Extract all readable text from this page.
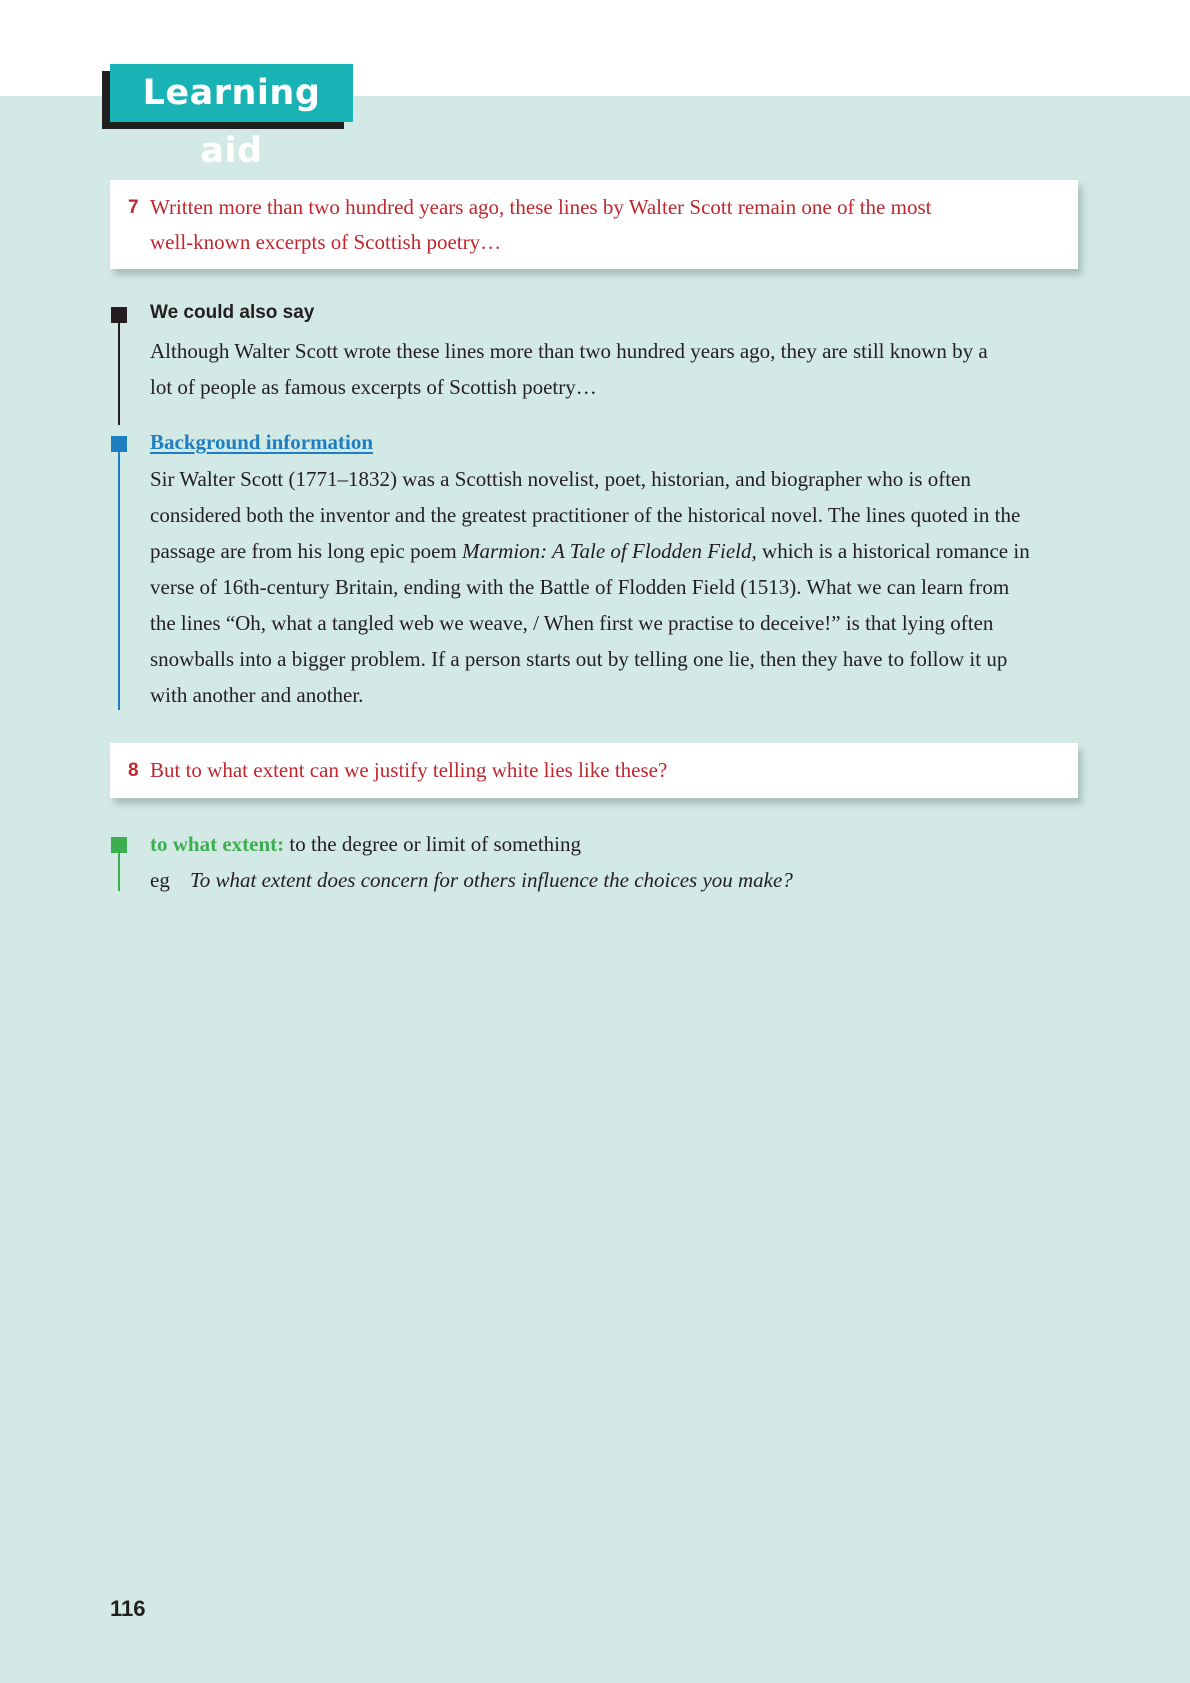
Learning aid
7 Written more than two hundred years ago, these lines by Walter Scott remain one of the most
well-known excerpts of Scottish poetry…
We could also say
Although Walter Scott wrote these lines more than two hundred years ago, they are still known by a
lot of people as famous excerpts of Scottish poetry…
Background information
Sir Walter Scott (1771–1832) was a Scottish novelist, poet, historian, and biographer who is often
considered both the inventor and the greatest practitioner of the historical novel. The lines quoted in the
passage are from his long epic poem Marmion: A Tale of Flodden Field, which is a historical romance in
verse of 16th-century Britain, ending with the Battle of Flodden Field (1513). What we can learn from
the lines “Oh, what a tangled web we weave, / When first we practise to deceive!” is that lying often
snowballs into a bigger problem. If a person starts out by telling one lie, then they have to follow it up
with another and another.
8 But to what extent can we justify telling white lies like these?
to what extent: to the degree or limit of something
eg To what extent does concern for others influence the choices you make?
116
